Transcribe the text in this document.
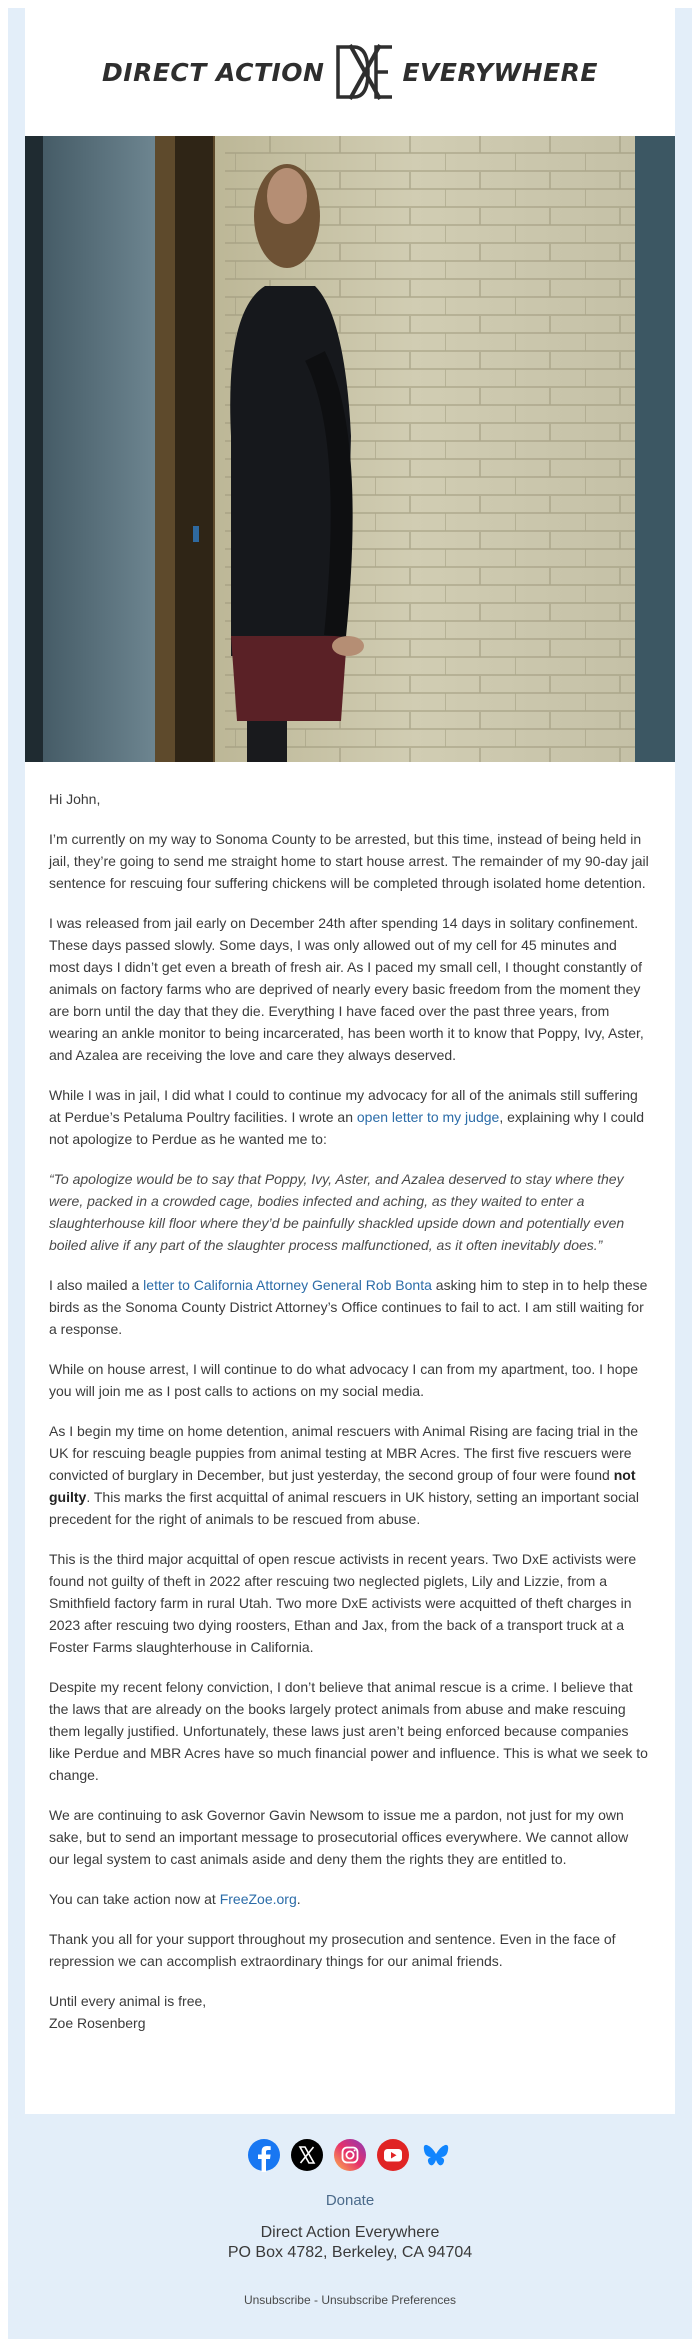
DIRECT ACTION	EVERYWHERE

Hi John,

I’m currently on my way to Sonoma County to be arrested, but this time, instead of being held in jail, they’re going to send me straight home to start house arrest. The remainder of my 90-day jail sentence for rescuing four suffering chickens will be completed through isolated home detention.

I was released from jail early on December 24th after spending 14 days in solitary confinement. These days passed slowly. Some days, I was only allowed out of my cell for 45 minutes and most days I didn’t get even a breath of fresh air. As I paced my small cell, I thought constantly of animals on factory farms who are deprived of nearly every basic freedom from the moment they are born until the day that they die. Everything I have faced over the past three years, from wearing an ankle monitor to being incarcerated, has been worth it to know that Poppy, Ivy, Aster, and Azalea are receiving the love and care they always deserved.

While I was in jail, I did what I could to continue my advocacy for all of the animals still suffering at Perdue’s Petaluma Poultry facilities. I wrote an open letter to my judge, explaining why I could not apologize to Perdue as he wanted me to:

“To apologize would be to say that Poppy, Ivy, Aster, and Azalea deserved to stay where they were, packed in a crowded cage, bodies infected and aching, as they waited to enter a slaughterhouse kill floor where they’d be painfully shackled upside down and potentially even boiled alive if any part of the slaughter process malfunctioned, as it often inevitably does.”

I also mailed a letter to California Attorney General Rob Bonta asking him to step in to help these birds as the Sonoma County District Attorney’s Office continues to fail to act. I am still waiting for a response.

While on house arrest, I will continue to do what advocacy I can from my apartment, too. I hope you will join me as I post calls to actions on my social media.

As I begin my time on home detention, animal rescuers with Animal Rising are facing trial in the UK for rescuing beagle puppies from animal testing at MBR Acres. The first five rescuers were convicted of burglary in December, but just yesterday, the second group of four were found not guilty. This marks the first acquittal of animal rescuers in UK history, setting an important social precedent for the right of animals to be rescued from abuse.

This is the third major acquittal of open rescue activists in recent years. Two DxE activists were found not guilty of theft in 2022 after rescuing two neglected piglets, Lily and Lizzie, from a Smithfield factory farm in rural Utah. Two more DxE activists were acquitted of theft charges in 2023 after rescuing two dying roosters, Ethan and Jax, from the back of a transport truck at a Foster Farms slaughterhouse in California.

Despite my recent felony conviction, I don’t believe that animal rescue is a crime. I believe that the laws that are already on the books largely protect animals from abuse and make rescuing them legally justified. Unfortunately, these laws just aren’t being enforced because companies like Perdue and MBR Acres have so much financial power and influence. This is what we seek to change.

We are continuing to ask Governor Gavin Newsom to issue me a pardon, not just for my own sake, but to send an important message to prosecutorial offices everywhere. We cannot allow our legal system to cast animals aside and deny them the rights they are entitled to.

You can take action now at FreeZoe.org.

Thank you all for your support throughout my prosecution and sentence. Even in the face of repression we can accomplish extraordinary things for our animal friends.

Until every animal is free,
Zoe Rosenberg

Donate
Direct Action Everywhere
PO Box 4782, Berkeley, CA 94704
Unsubscribe - Unsubscribe Preferences
